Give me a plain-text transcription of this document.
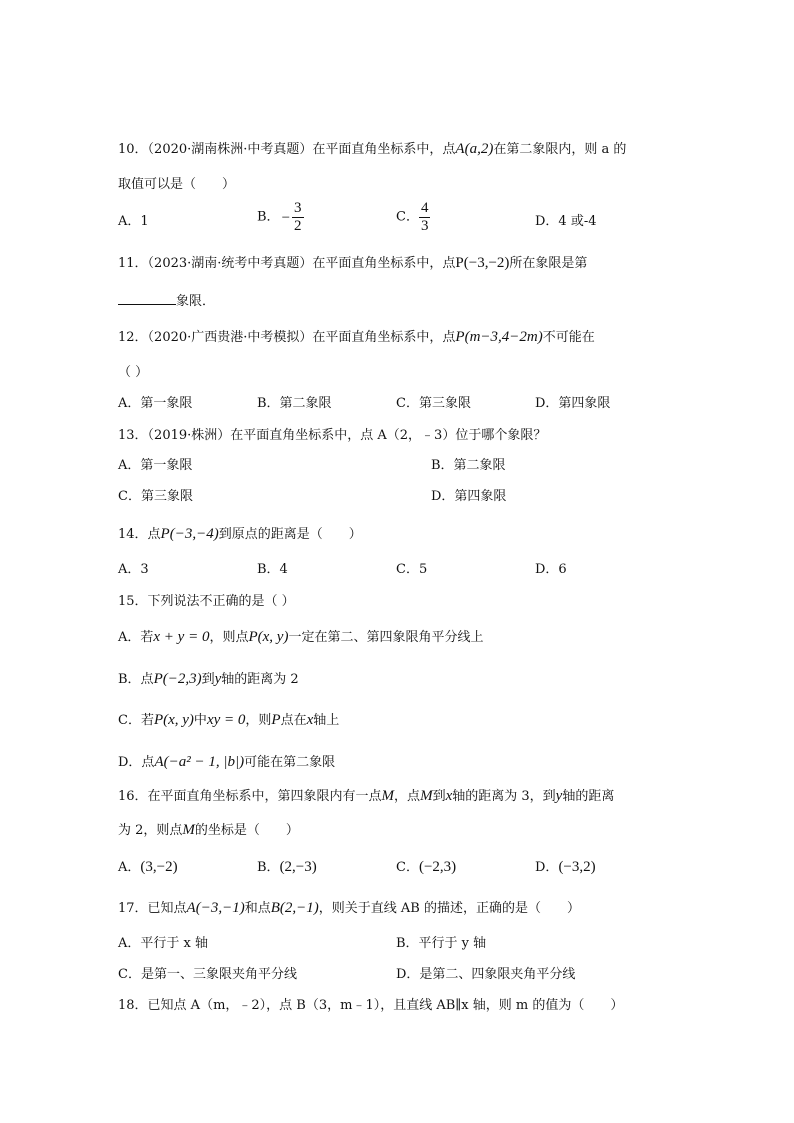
10．（2020·湖南株洲·中考真题）在平面直角坐标系中，点A(a,2)在第二象限内，则 a 的
取值可以是（　　）
A．1	B． − $\frac{3}{2}$	C． $\frac{4}{3}$	D．4 或-4
11．（2023·湖南·统考中考真题）在平面直角坐标系中，点P(−3,−2)所在象限是第
象限．
12．（2020·广西贵港·中考模拟）在平面直角坐标系中，点P(m−3,4−2m)不可能在
（ ）
A．第一象限	B．第二象限	C．第三象限	D．第四象限
13．（2019·株洲）在平面直角坐标系中，点 A（2，﹣3）位于哪个象限？
A．第一象限	B．第二象限
C．第三象限	D．第四象限
14．点P(−3,−4)到原点的距离是（　　）
A．3	B．4	C．5	D．6
15．下列说法不正确的是（ ）
A．若x + y = 0，则点P(x, y)一定在第二、第四象限角平分线上
B．点P(−2,3)到y轴的距离为 2
C．若P(x, y)中xy = 0，则P点在x轴上
D．点A(−a² − 1, |b|)可能在第二象限
16．在平面直角坐标系中，第四象限内有一点M，点M到x轴的距离为 3，到y轴的距离
为 2，则点M的坐标是（　　）
A．(3,−2)	B．(2,−3)	C．(−2,3)	D．(−3,2)
17．已知点A(−3,−1)和点B(2,−1)，则关于直线 AB 的描述，正确的是（　　）
A．平行于 x 轴	B．平行于 y 轴
C．是第一、三象限夹角平分线	D．是第二、四象限夹角平分线
18．已知点 A（m，﹣2），点 B（3，m﹣1），且直线 AB∥x 轴，则 m 的值为（　　）
